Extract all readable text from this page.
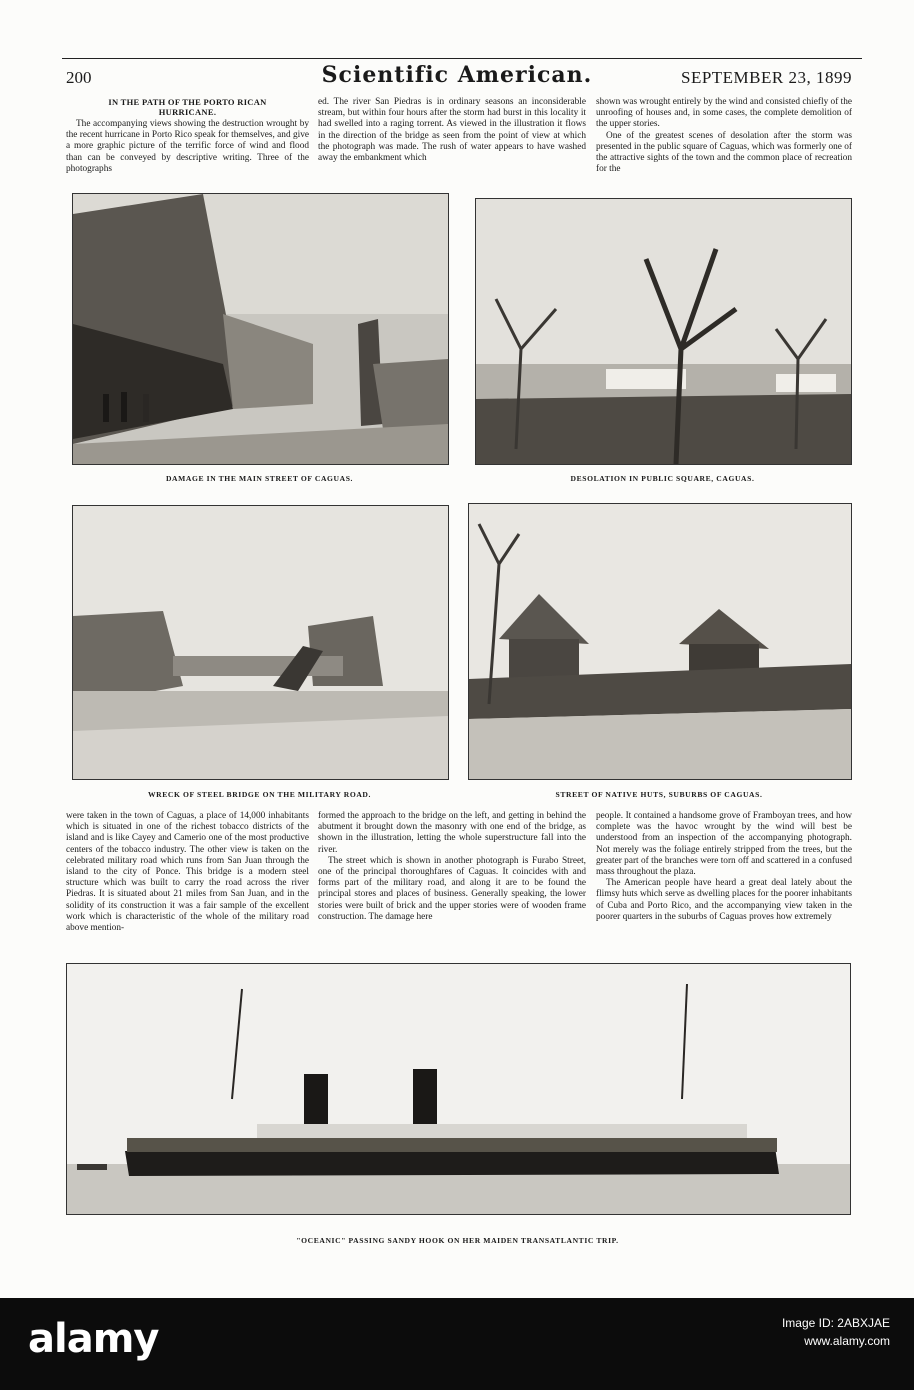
200	Scientific American.	SEPTEMBER 23, 1899
IN THE PATH OF THE PORTO RICAN
HURRICANE.

The accompanying views showing the destruction wrought by the recent hurricane in Porto Rico speak for themselves, and give a more graphic picture of the terrific force of wind and flood than can be conveyed by descriptive writing. Three of the photographs

ed. The river San Piedras is in ordinary seasons an inconsiderable stream, but within four hours after the storm had burst in this locality it had swelled into a raging torrent. As viewed in the illustration it flows in the direction of the bridge as seen from the point of view at which the photograph was made. The rush of water appears to have washed away the embankment which

shown was wrought entirely by the wind and consisted chiefly of the unroofing of houses and, in some cases, the complete demolition of the upper stories.

One of the greatest scenes of desolation after the storm was presented in the public square of Caguas, which was formerly one of the attractive sights of the town and the common place of recreation for the

DAMAGE IN THE MAIN STREET OF CAGUAS.	DESOLATION IN PUBLIC SQUARE, CAGUAS.
WRECK OF STEEL BRIDGE ON THE MILITARY ROAD.	STREET OF NATIVE HUTS, SUBURBS OF CAGUAS.

were taken in the town of Caguas, a place of 14,000 inhabitants which is situated in one of the richest tobacco districts of the island and is like Cayey and Camerio one of the most productive centers of the tobacco industry. The other view is taken on the celebrated military road which runs from San Juan through the island to the city of Ponce. This bridge is a modern steel structure which was built to carry the road across the river Piedras. It is situated about 21 miles from San Juan, and in the solidity of its construction it was a fair sample of the excellent work which is characteristic of the whole of the military road above mention-

formed the approach to the bridge on the left, and getting in behind the abutment it brought down the masonry with one end of the bridge, as shown in the illustration, letting the whole superstructure fall into the river.

The street which is shown in another photograph is Furabo Street, one of the principal thoroughfares of Caguas. It coincides with and forms part of the military road, and along it are to be found the principal stores and places of business. Generally speaking, the lower stories were built of brick and the upper stories were of wooden frame construction. The damage here

people. It contained a handsome grove of Framboyan trees, and how complete was the havoc wrought by the wind will best be understood from an inspection of the accompanying photograph. Not merely was the foliage entirely stripped from the trees, but the greater part of the branches were torn off and scattered in a confused mass throughout the plaza.

The American people have heard a great deal lately about the flimsy huts which serve as dwelling places for the poorer inhabitants of Cuba and Porto Rico, and the accompanying view taken in the poorer quarters in the suburbs of Caguas proves how extremely

"OCEANIC" PASSING SANDY HOOK ON HER MAIDEN TRANSATLANTIC TRIP.
alamy	Image ID: 2ABXJAE
www.alamy.com
